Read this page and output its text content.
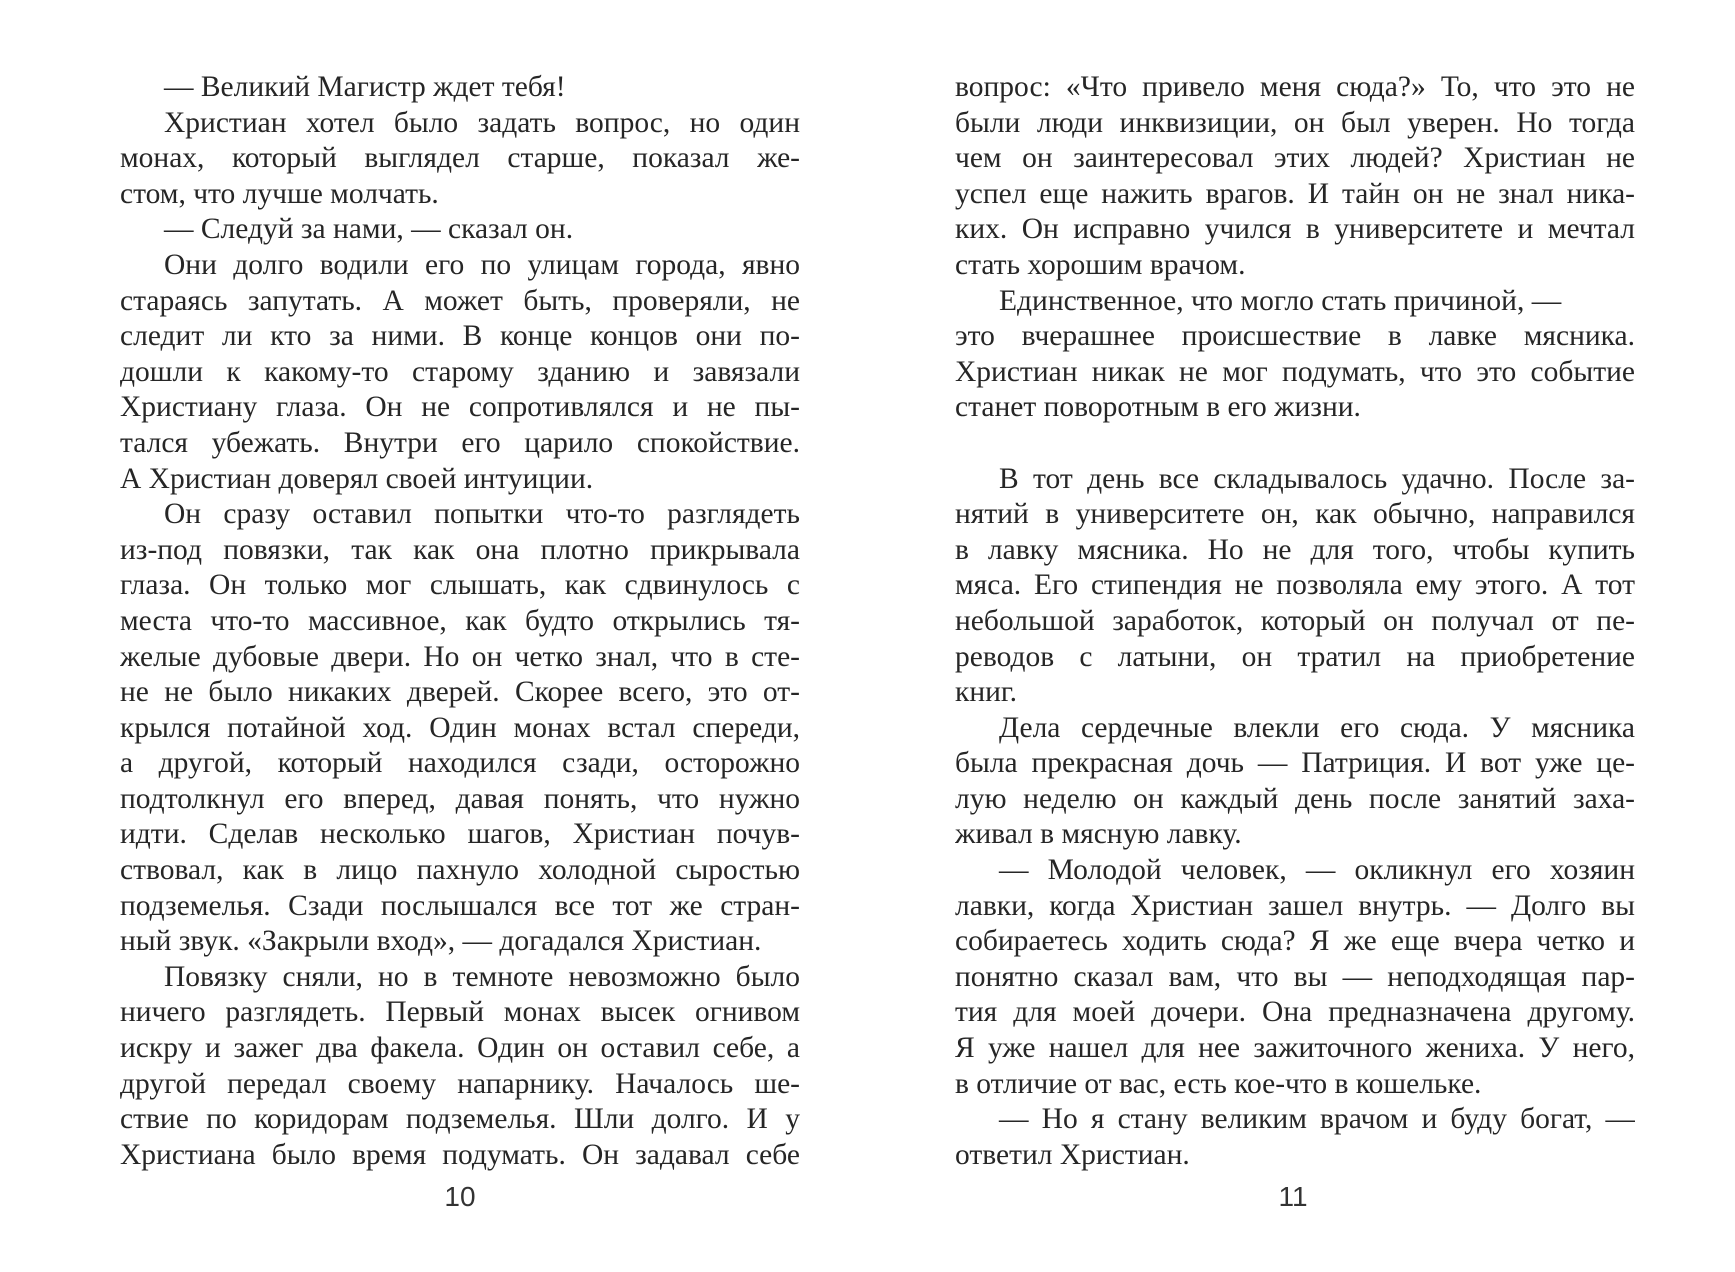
— Великий Магистр ждет тебя!
Христиан хотел было задать вопрос, но один
монах, который выглядел старше, показал же-
стом, что лучше молчать.
— Следуй за нами, — сказал он.
Они долго водили его по улицам города, явно
стараясь запутать. А может быть, проверяли, не
следит ли кто за ними. В конце концов они по-
дошли к какому-то старому зданию и завязали
Христиану глаза. Он не сопротивлялся и не пы-
тался убежать. Внутри его царило спокойствие.
А Христиан доверял своей интуиции.
Он сразу оставил попытки что-то разглядеть
из-под повязки, так как она плотно прикрывала
глаза. Он только мог слышать, как сдвинулось с
места что-то массивное, как будто открылись тя-
желые дубовые двери. Но он четко знал, что в сте-
не не было никаких дверей. Скорее всего, это от-
крылся потайной ход. Один монах встал спереди,
а другой, который находился сзади, осторожно
подтолкнул его вперед, давая понять, что нужно
идти. Сделав несколько шагов, Христиан почув-
ствовал, как в лицо пахнуло холодной сыростью
подземелья. Сзади послышался все тот же стран-
ный звук. «Закрыли вход», — догадался Христиан.
Повязку сняли, но в темноте невозможно было
ничего разглядеть. Первый монах высек огнивом
искру и зажег два факела. Один он оставил себе, а
другой передал своему напарнику. Началось ше-
ствие по коридорам подземелья. Шли долго. И у
Христиана было время подумать. Он задавал себе
10
вопрос: «Что привело меня сюда?» То, что это не
были люди инквизиции, он был уверен. Но тогда
чем он заинтересовал этих людей? Христиан не
успел еще нажить врагов. И тайн он не знал ника-
ких. Он исправно учился в университете и мечтал
стать хорошим врачом.
Единственное, что могло стать причиной, —
это вчерашнее происшествие в лавке мясника.
Христиан никак не мог подумать, что это событие
станет поворотным в его жизни.
В тот день все складывалось удачно. После за-
нятий в университете он, как обычно, направился
в лавку мясника. Но не для того, чтобы купить
мяса. Его стипендия не позволяла ему этого. А тот
небольшой заработок, который он получал от пе-
реводов с латыни, он тратил на приобретение
книг.
Дела сердечные влекли его сюда. У мясника
была прекрасная дочь — Патриция. И вот уже це-
лую неделю он каждый день после занятий заха-
живал в мясную лавку.
— Молодой человек, — окликнул его хозяин
лавки, когда Христиан зашел внутрь. — Долго вы
собираетесь ходить сюда? Я же еще вчера четко и
понятно сказал вам, что вы — неподходящая пар-
тия для моей дочери. Она предназначена другому.
Я уже нашел для нее зажиточного жениха. У него,
в отличие от вас, есть кое-что в кошельке.
— Но я стану великим врачом и буду богат, —
ответил Христиан.
11
